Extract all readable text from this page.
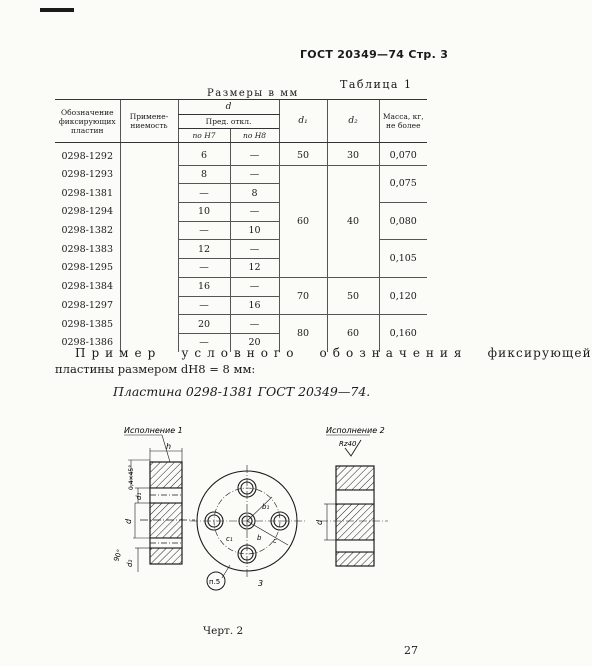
ГОСТ 20349—74 Стр. 3
Таблица 1
Размеры в мм
Обозначение фиксирующих пластин	Применениемость	d		d₁	d₂	Масса, кг, не более
		Пред. откл.				
		по H7	по H8			
0298-1292		6	—	50	30	0,070
0298-1293		8	—	60	40	0,075
0298-1381		—	8			
0298-1294		10	—			0,080
0298-1382		—	10			
0298-1383		12	—			0,105
0298-1295		—	12			
0298-1384		16	—	70	50	0,120
0298-1297		—	16			
0298-1385		20	—	80	60	0,160
0298-1386		—	20			
Пример условного обозначения фиксирующей
пластины размером dH8 = 8 мм:
Пластина 0298-1381 ГОСТ 20349—74.
Исполнение 1
h
0,4×45°
d₁
d
d₂
90°
b₁
b
c₁	c
п.5	3
Исполнение 2
Rz40
d
Черт. 2
27
